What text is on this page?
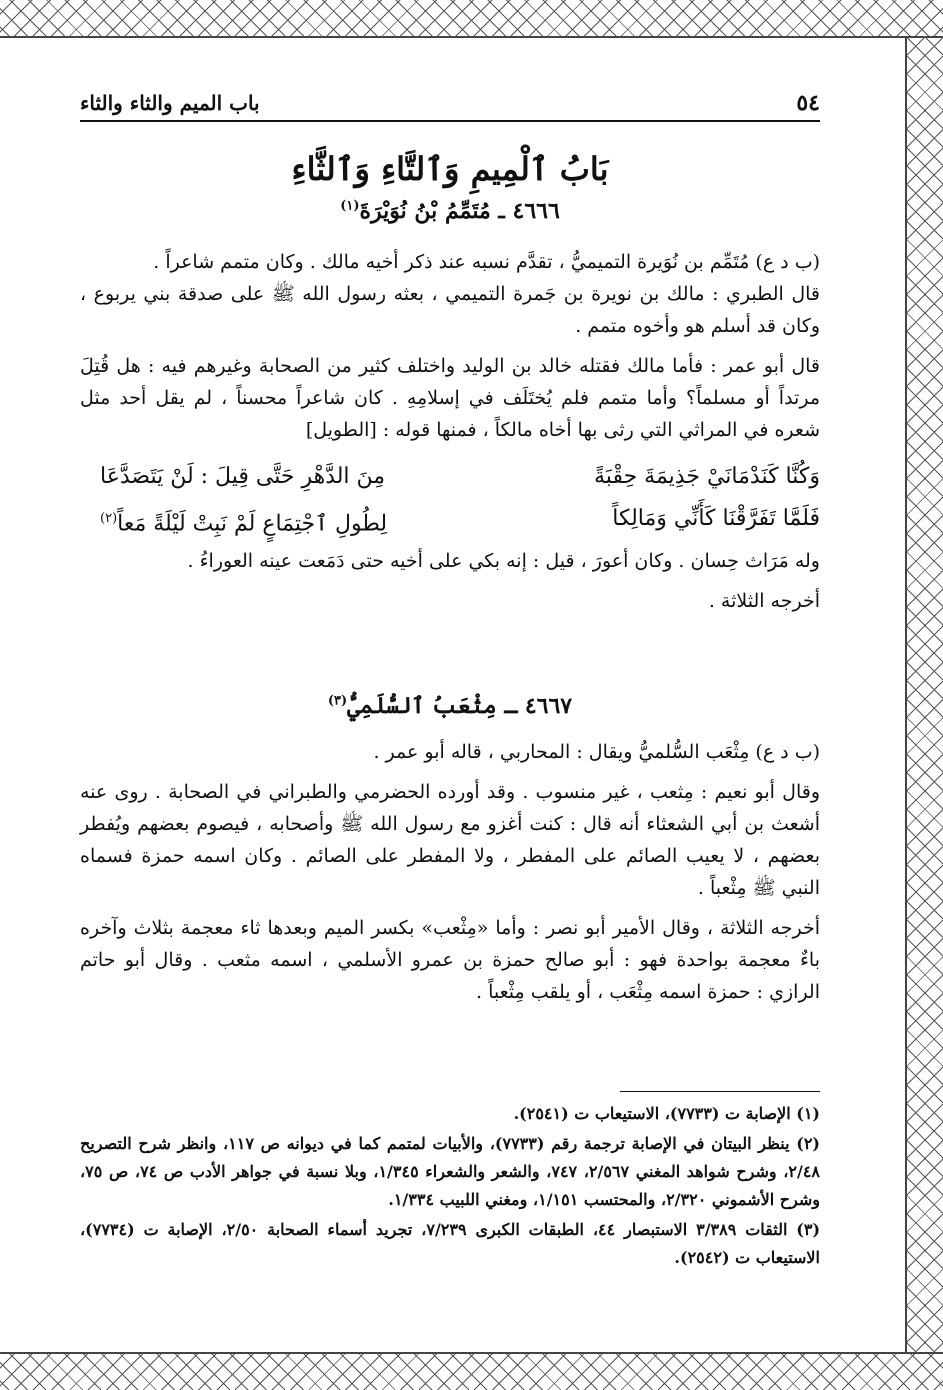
٥٤
باب الميم والثاء والثاء
بَابُ ٱلْمِيمِ وَٱلتَّاءِ وَٱلثَّاءِ
٤٦٦٦ ـ مُتَمِّمُ بْنُ نُوَيْرَةَ$^{(١)}$

(ب د ع) مُتَمِّم بن نُوَيرة التميميُّ ، تقدَّم نسبه عند ذكر أخيه مالك . وكان متمم شاعراً .

قال الطبري : مالك بن نويرة بن جَمرة التميمي ، بعثه رسول الله ﷺ على صدقة بني يربوع ، وكان قد أسلم هو وأخوه متمم .

قال أبو عمر : فأما مالك فقتله خالد بن الوليد واختلف كثير من الصحابة وغيرهم فيه : هل قُتِلَ مرتداً أو مسلماً؟ وأما متمم فلم يُختَلَف في إسلامِهِ . كان شاعراً محسناً ، لم يقل أحد مثل شعره في المراثي التي رثى بها أخاه مالكاً ، فمنها قوله : [الطويل]

وَكُنَّا كَنَدْمَانَيْ جَذِيمَةَ حِقْبَةً
مِنَ الدَّهْرِ حَتَّى قِيلَ : لَنْ يَتَصَدَّعَا
فَلَمَّا تَفَرَّقْنَا كَأَنِّي وَمَالِكاً
لِطُولِ ٱجْتِمَاعٍ لَمْ نَبِتْ لَيْلَةً مَعاً$^{(٢)}$

وله مَرَاث حِسان . وكان أعورَ ، قيل : إنه بكي على أخيه حتى دَمَعت عينه العوراءُ .

أخرجه الثلاثة .

٤٦٦٧ ـ مِثْعَبُ ٱلسُّلَمِيُّ$^{(٣)}$

(ب د ع) مِثْعَب السُّلميُّ ويقال : المحاربي ، قاله أبو عمر .

وقال أبو نعيم : مِثعب ، غير منسوب . وقد أورده الحضرمي والطبراني في الصحابة . روى عنه أشعث بن أبي الشعثاء أنه قال : كنت أغزو مع رسول الله ﷺ وأصحابه ، فيصوم بعضهم ويُفطر بعضهم ، لا يعيب الصائم على المفطر ، ولا المفطر على الصائم . وكان اسمه حمزة فسماه النبي ﷺ مِثْعباً .

أخرجه الثلاثة ، وقال الأمير أبو نصر : وأما «مِثْعب» بكسر الميم وبعدها ثاء معجمة بثلاث وآخره باءٌ معجمة بواحدة فهو : أبو صالح حمزة بن عمرو الأسلمي ، اسمه مثعب . وقال أبو حاتم الرازي : حمزة اسمه مِثْعَب ، أو يلقب مِثْعباً .

(١) الإصابة ت (٧٧٣٣)، الاستيعاب ت (٢٥٤١).

(٢) ينظر البيتان في الإصابة ترجمة رقم (٧٧٣٣)، والأبيات لمتمم كما في ديوانه ص ١١٧، وانظر شرح التصريح ٢/٤٨، وشرح شواهد المغني ٢/٥٦٧، ٧٤٧، والشعر والشعراء ١/٣٤٥، وبلا نسبة في جواهر الأدب ص ٧٤، ص ٧٥، وشرح الأشموني ٢/٣٢٠، والمحتسب ١/١٥١، ومغني اللبيب ١/٣٣٤.

(٣) الثقات ٣/٣٨٩ الاستبصار ٤٤، الطبقات الكبرى ٧/٢٣٩، تجريد أسماء الصحابة ٢/٥٠، الإصابة ت (٧٧٣٤)، الاستيعاب ت (٢٥٤٢).
